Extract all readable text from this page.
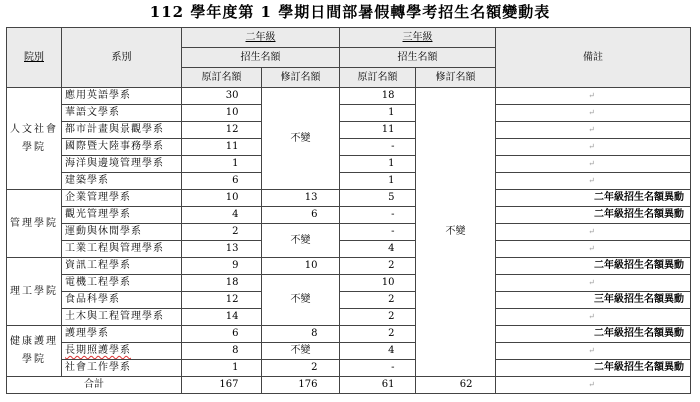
112 學年度第 1 學期日間部暑假轉學考招生名額變動表
院別	系別	二年級		三年級		備註
		招生名額		招生名額		
		原訂名額	修訂名額	原訂名額	修訂名額	
人文社會學院	應用英語學系	30	不變	18	不變	↵
	華語文學系	10		1		↵
	都市計畫與景觀學系	12		11		↵
	國際暨大陸事務學系	11		-		↵
	海洋與邊境管理學系	1		1		↵
	建築學系	6		1		↵
管理學院	企業管理學系	10	13	5		二年級招生名額異動
	觀光管理學系	4	6	-		二年級招生名額異動
	運動與休閒學系	2	不變	-		↵
	工業工程與管理學系	13		4		↵
理工學院	資訊工程學系	9	10	2		二年級招生名額異動
	電機工程學系	18	不變	10		↵
	食品科學系	12		2		三年級招生名額異動
	土木與工程管理學系	14		2		↵
健康護理學院	護理學系	6	8	2		二年級招生名額異動
	長期照護學系	8	不變	4		↵
	社會工作學系	1	2	-		二年級招生名額異動
合計		167	176	61	62	↵
